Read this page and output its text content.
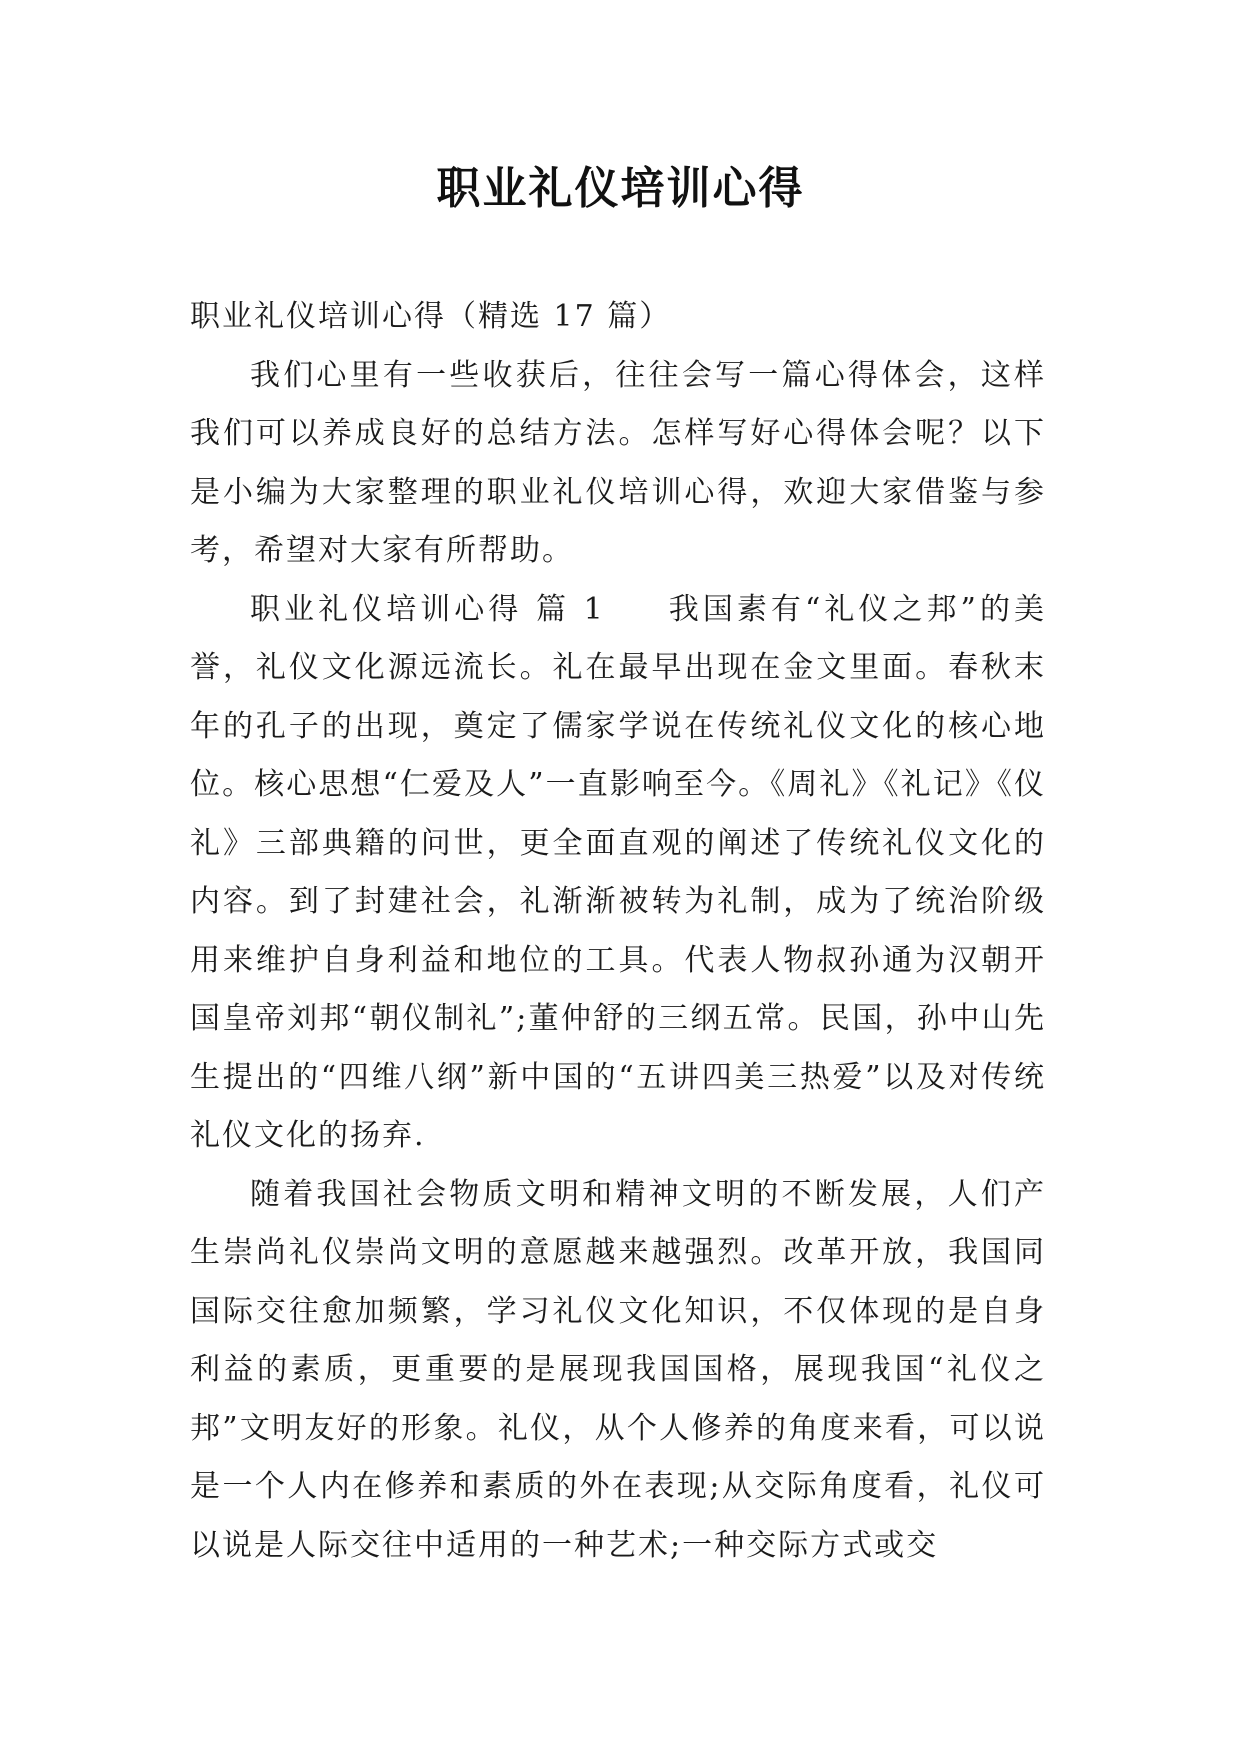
职业礼仪培训心得

职业礼仪培训心得（精选 17 篇）

我们心里有一些收获后，往往会写一篇心得体会，这样我们可以养成良好的总结方法。怎样写好心得体会呢？以下是小编为大家整理的职业礼仪培训心得，欢迎大家借鉴与参考，希望对大家有所帮助。

职业礼仪培训心得 篇 1 我国素有“礼仪之邦”的美誉，礼仪文化源远流长。礼在最早出现在金文里面。春秋末年的孔子的出现，奠定了儒家学说在传统礼仪文化的核心地位。核心思想“仁爱及人”一直影响至今。《周礼》《礼记》《仪礼》三部典籍的问世，更全面直观的阐述了传统礼仪文化的内容。到了封建社会，礼渐渐被转为礼制，成为了统治阶级用来维护自身利益和地位的工具。代表人物叔孙通为汉朝开国皇帝刘邦“朝仪制礼”;董仲舒的三纲五常。民国，孙中山先生提出的“四维八纲”新中国的“五讲四美三热爱”以及对传统礼仪文化的扬弃.

随着我国社会物质文明和精神文明的不断发展，人们产生崇尚礼仪崇尚文明的意愿越来越强烈。改革开放，我国同国际交往愈加频繁，学习礼仪文化知识，不仅体现的是自身利益的素质，更重要的是展现我国国格，展现我国“礼仪之邦”文明友好的形象。礼仪，从个人修养的角度来看，可以说是一个人内在修养和素质的外在表现;从交际角度看，礼仪可以说是人际交往中适用的一种艺术;一种交际方式或交
